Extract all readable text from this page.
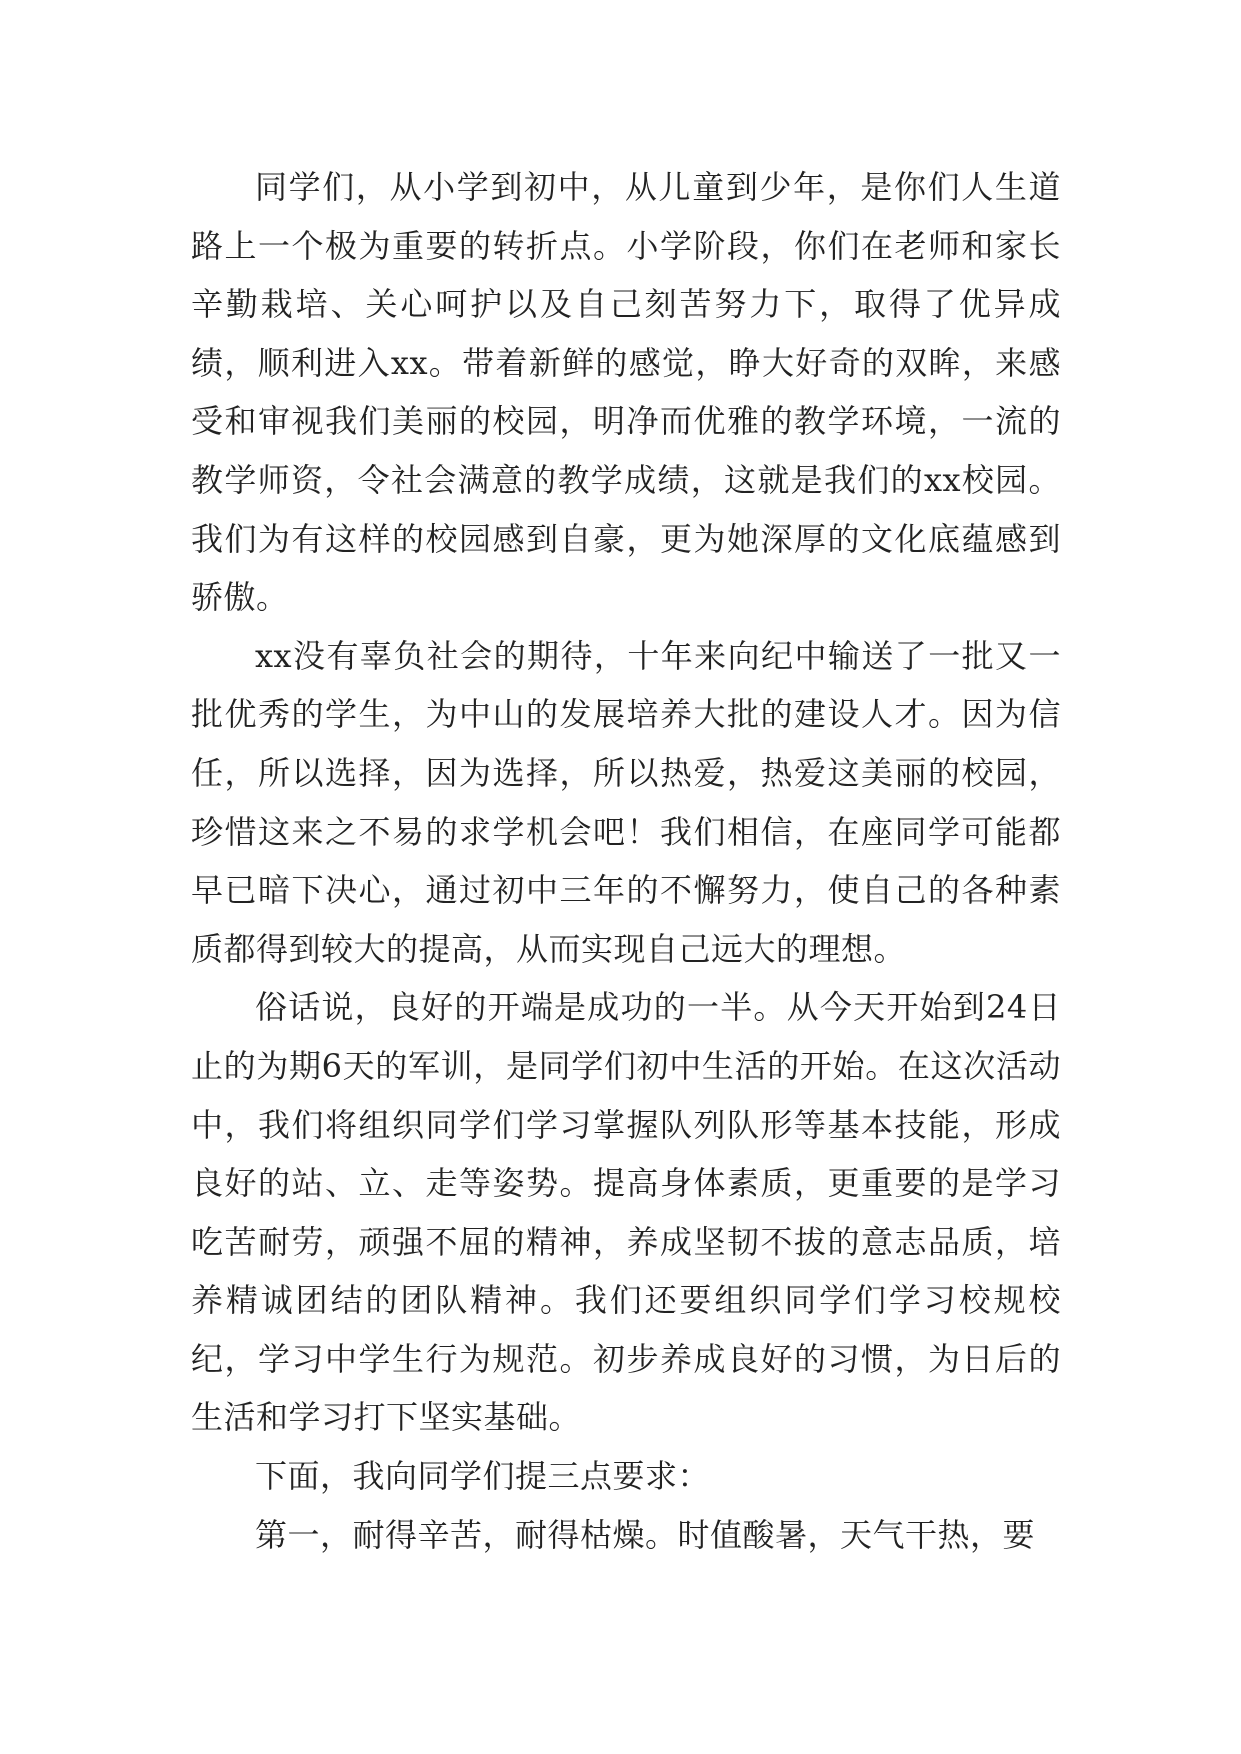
同学们，从小学到初中，从儿童到少年，是你们人生道路上一个极为重要的转折点。小学阶段，你们在老师和家长辛勤栽培、关心呵护以及自己刻苦努力下，取得了优异成绩，顺利进入xx。带着新鲜的感觉，睁大好奇的双眸，来感受和审视我们美丽的校园，明净而优雅的教学环境，一流的教学师资，令社会满意的教学成绩，这就是我们的xx校园。我们为有这样的校园感到自豪，更为她深厚的文化底蕴感到骄傲。

xx没有辜负社会的期待，十年来向纪中输送了一批又一批优秀的学生，为中山的发展培养大批的建设人才。因为信任，所以选择，因为选择，所以热爱，热爱这美丽的校园，珍惜这来之不易的求学机会吧！我们相信，在座同学可能都早已暗下决心，通过初中三年的不懈努力，使自己的各种素质都得到较大的提高，从而实现自己远大的理想。

俗话说，良好的开端是成功的一半。从今天开始到24日止的为期6天的军训，是同学们初中生活的开始。在这次活动中，我们将组织同学们学习掌握队列队形等基本技能，形成良好的站、立、走等姿势。提高身体素质，更重要的是学习吃苦耐劳，顽强不屈的精神，养成坚韧不拔的意志品质，培养精诚团结的团队精神。我们还要组织同学们学习校规校纪，学习中学生行为规范。初步养成良好的习惯，为日后的生活和学习打下坚实基础。

下面，我向同学们提三点要求：

第一，耐得辛苦，耐得枯燥。时值酸暑，天气干热，要
